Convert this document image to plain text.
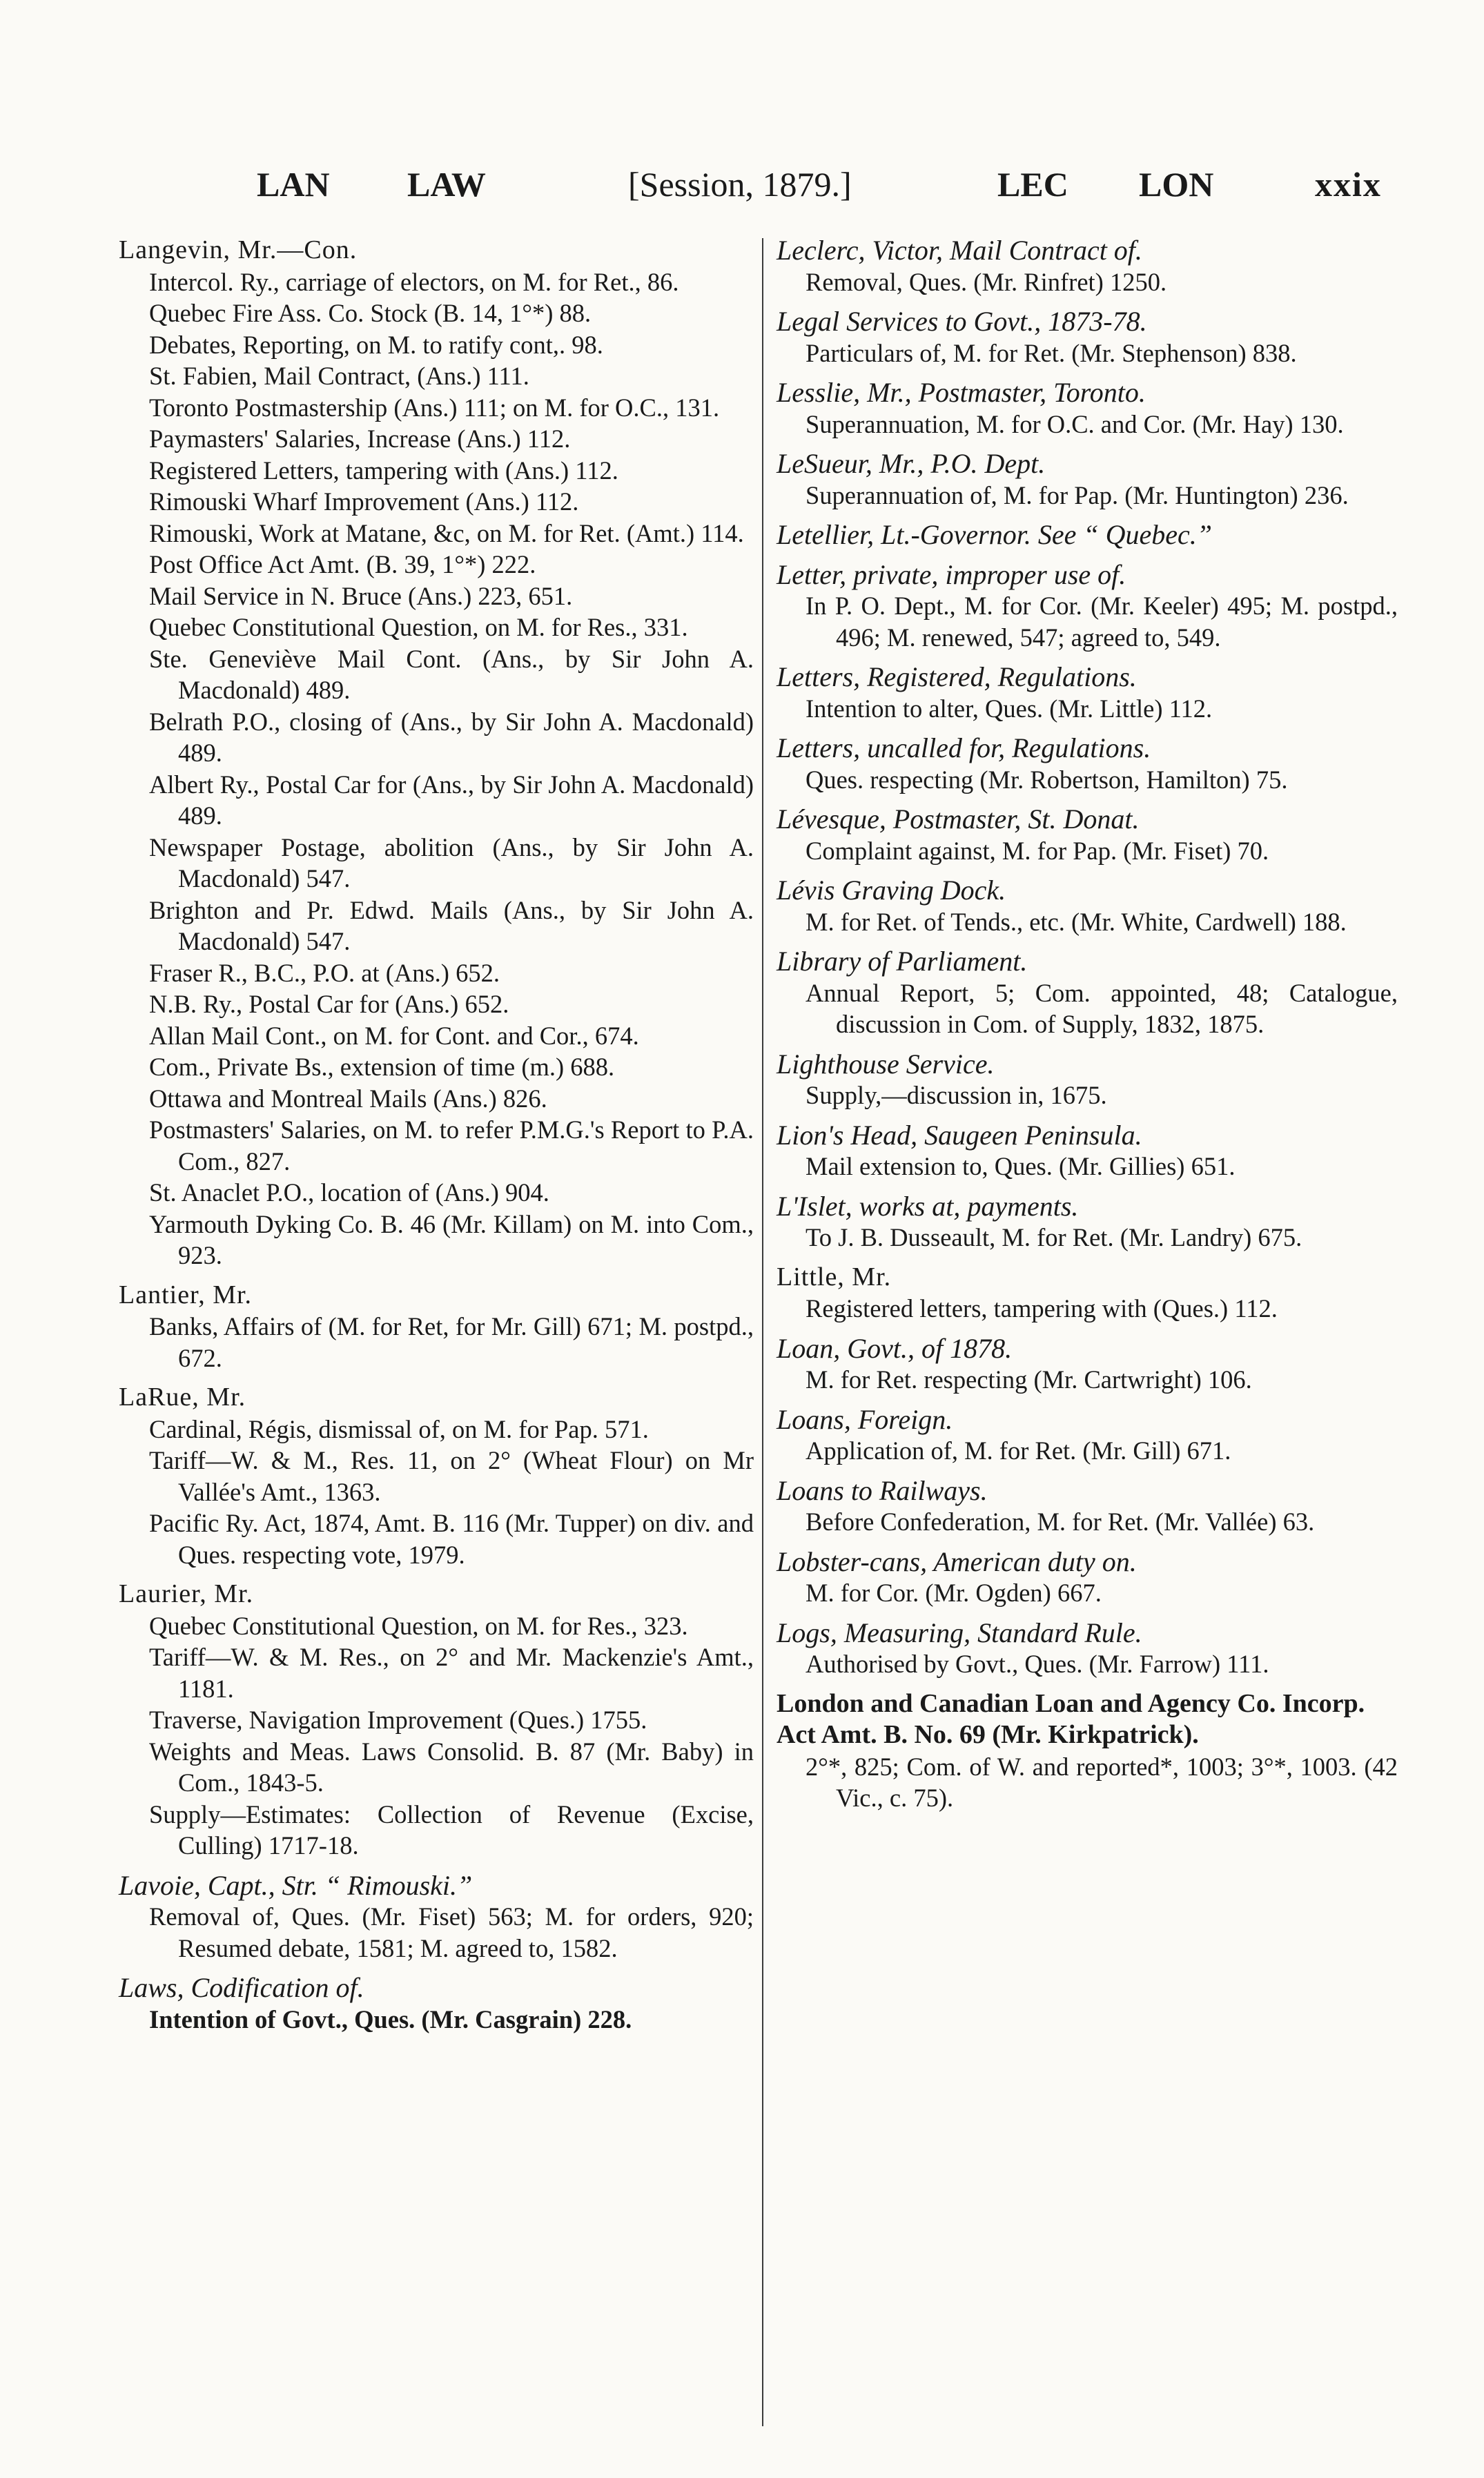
LAN LAW	[Session, 1879.]	LEC LON	xxix
Langevin, Mr.—Con.
Intercol. Ry., carriage of electors, on M. for Ret., 86.
Quebec Fire Ass. Co. Stock (B. 14, 1°*) 88.
Debates, Reporting, on M. to ratify cont,. 98.
St. Fabien, Mail Contract, (Ans.) 111.
Toronto Postmastership (Ans.) 111; on M. for O.C., 131.
Paymasters' Salaries, Increase (Ans.) 112.
Registered Letters, tampering with (Ans.) 112.
Rimouski Wharf Improvement (Ans.) 112.
Rimouski, Work at Matane, &c, on M. for Ret. (Amt.) 114.
Post Office Act Amt. (B. 39, 1°*) 222.
Mail Service in N. Bruce (Ans.) 223, 651.
Quebec Constitutional Question, on M. for Res., 331.
Ste. Geneviève Mail Cont. (Ans., by Sir John A. Macdonald) 489.
Belrath P.O., closing of (Ans., by Sir John A. Macdonald) 489.
Albert Ry., Postal Car for (Ans., by Sir John A. Macdonald) 489.
Newspaper Postage, abolition (Ans., by Sir John A. Macdonald) 547.
Brighton and Pr. Edwd. Mails (Ans., by Sir John A. Macdonald) 547.
Fraser R., B.C., P.O. at (Ans.) 652.
N.B. Ry., Postal Car for (Ans.) 652.
Allan Mail Cont., on M. for Cont. and Cor., 674.
Com., Private Bs., extension of time (m.) 688.
Ottawa and Montreal Mails (Ans.) 826.
Postmasters' Salaries, on M. to refer P.M.G.'s Report to P.A. Com., 827.
St. Anaclet P.O., location of (Ans.) 904.
Yarmouth Dyking Co. B. 46 (Mr. Killam) on M. into Com., 923.
Lantier, Mr.
Banks, Affairs of (M. for Ret, for Mr. Gill) 671; M. postpd., 672.
LaRue, Mr.
Cardinal, Régis, dismissal of, on M. for Pap. 571.
Tariff—W. & M., Res. 11, on 2° (Wheat Flour) on Mr Vallée's Amt., 1363.
Pacific Ry. Act, 1874, Amt. B. 116 (Mr. Tupper) on div. and Ques. respecting vote, 1979.
Laurier, Mr.
Quebec Constitutional Question, on M. for Res., 323.
Tariff—W. & M. Res., on 2° and Mr. Mackenzie's Amt., 1181.
Traverse, Navigation Improvement (Ques.) 1755.
Weights and Meas. Laws Consolid. B. 87 (Mr. Baby) in Com., 1843-5.
Supply—Estimates: Collection of Revenue (Excise, Culling) 1717-18.
Lavoie, Capt., Str. “ Rimouski.”
Removal of, Ques. (Mr. Fiset) 563; M. for orders, 920; Resumed debate, 1581; M. agreed to, 1582.
Laws, Codification of.
Intention of Govt., Ques. (Mr. Casgrain) 228.
Leclerc, Victor, Mail Contract of.
Removal, Ques. (Mr. Rinfret) 1250.
Legal Services to Govt., 1873-78.
Particulars of, M. for Ret. (Mr. Stephenson) 838.
Lesslie, Mr., Postmaster, Toronto.
Superannuation, M. for O.C. and Cor. (Mr. Hay) 130.
LeSueur, Mr., P.O. Dept.
Superannuation of, M. for Pap. (Mr. Huntington) 236.
Letellier, Lt.-Governor. See “ Quebec.”
Letter, private, improper use of.
In P. O. Dept., M. for Cor. (Mr. Keeler) 495; M. postpd., 496; M. renewed, 547; agreed to, 549.
Letters, Registered, Regulations.
Intention to alter, Ques. (Mr. Little) 112.
Letters, uncalled for, Regulations.
Ques. respecting (Mr. Robertson, Hamilton) 75.
Lévesque, Postmaster, St. Donat.
Complaint against, M. for Pap. (Mr. Fiset) 70.
Lévis Graving Dock.
M. for Ret. of Tends., etc. (Mr. White, Cardwell) 188.
Library of Parliament.
Annual Report, 5; Com. appointed, 48; Catalogue, discussion in Com. of Supply, 1832, 1875.
Lighthouse Service.
Supply,—discussion in, 1675.
Lion's Head, Saugeen Peninsula.
Mail extension to, Ques. (Mr. Gillies) 651.
L'Islet, works at, payments.
To J. B. Dusseault, M. for Ret. (Mr. Landry) 675.
Little, Mr.
Registered letters, tampering with (Ques.) 112.
Loan, Govt., of 1878.
M. for Ret. respecting (Mr. Cartwright) 106.
Loans, Foreign.
Application of, M. for Ret. (Mr. Gill) 671.
Loans to Railways.
Before Confederation, M. for Ret. (Mr. Vallée) 63.
Lobster-cans, American duty on.
M. for Cor. (Mr. Ogden) 667.
Logs, Measuring, Standard Rule.
Authorised by Govt., Ques. (Mr. Farrow) 111.
London and Canadian Loan and Agency Co. Incorp. Act Amt. B. No. 69 (Mr. Kirkpatrick).
2°*, 825; Com. of W. and reported*, 1003; 3°*, 1003. (42 Vic., c. 75).
